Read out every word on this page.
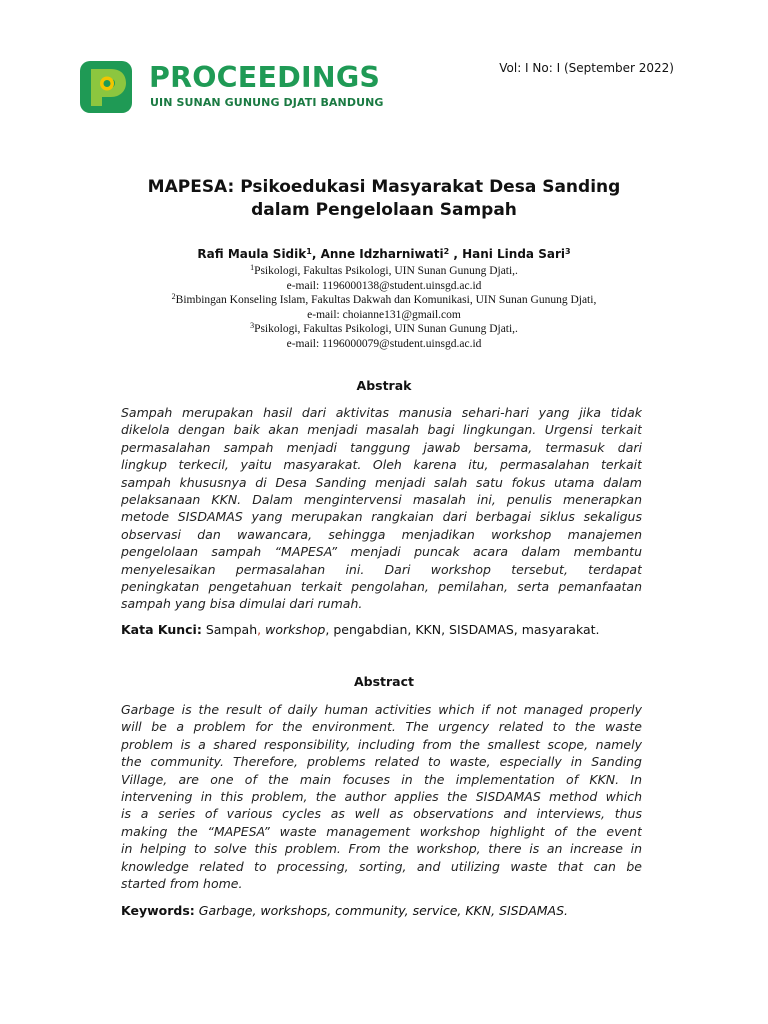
PROCEEDINGS
UIN SUNAN GUNUNG DJATI BANDUNG
Vol: I No: I (September 2022)
MAPESA: Psikoedukasi Masyarakat Desa Sanding
dalam Pengelolaan Sampah
Rafi Maula Sidik$^1$, Anne Idzharniwati$^2$ , Hani Linda Sari$^3$
$^1$Psikologi, Fakultas Psikologi, UIN Sunan Gunung Djati,.
e-mail: 1196000138@student.uinsgd.ac.id
$^2$Bimbingan Konseling Islam, Fakultas Dakwah dan Komunikasi, UIN Sunan Gunung Djati,
e-mail: choianne131@gmail.com
$^3$Psikologi, Fakultas Psikologi, UIN Sunan Gunung Djati,.
e-mail: 1196000079@student.uinsgd.ac.id
Abstrak
Sampah merupakan hasil dari aktivitas manusia sehari-hari yang jika tidak
dikelola dengan baik akan menjadi masalah bagi lingkungan. Urgensi terkait
permasalahan sampah menjadi tanggung jawab bersama, termasuk dari
lingkup terkecil, yaitu masyarakat. Oleh karena itu, permasalahan terkait
sampah khususnya di Desa Sanding menjadi salah satu fokus utama dalam
pelaksanaan KKN. Dalam mengintervensi masalah ini, penulis menerapkan
metode SISDAMAS yang merupakan rangkaian dari berbagai siklus sekaligus
observasi dan wawancara, sehingga menjadikan workshop manajemen
pengelolaan sampah “MAPESA” menjadi puncak acara dalam membantu
menyelesaikan permasalahan ini. Dari workshop tersebut, terdapat
peningkatan pengetahuan terkait pengolahan, pemilahan, serta pemanfaatan
sampah yang bisa dimulai dari rumah.
Kata Kunci: Sampah, workshop, pengabdian, KKN, SISDAMAS, masyarakat.
Abstract
Garbage is the result of daily human activities which if not managed properly
will be a problem for the environment. The urgency related to the waste
problem is a shared responsibility, including from the smallest scope, namely
the community. Therefore, problems related to waste, especially in Sanding
Village, are one of the main focuses in the implementation of KKN. In
intervening in this problem, the author applies the SISDAMAS method which
is a series of various cycles as well as observations and interviews, thus
making the “MAPESA” waste management workshop highlight of the event
in helping to solve this problem. From the workshop, there is an increase in
knowledge related to processing, sorting, and utilizing waste that can be
started from home.
Keywords: Garbage, workshops, community, service, KKN, SISDAMAS.
